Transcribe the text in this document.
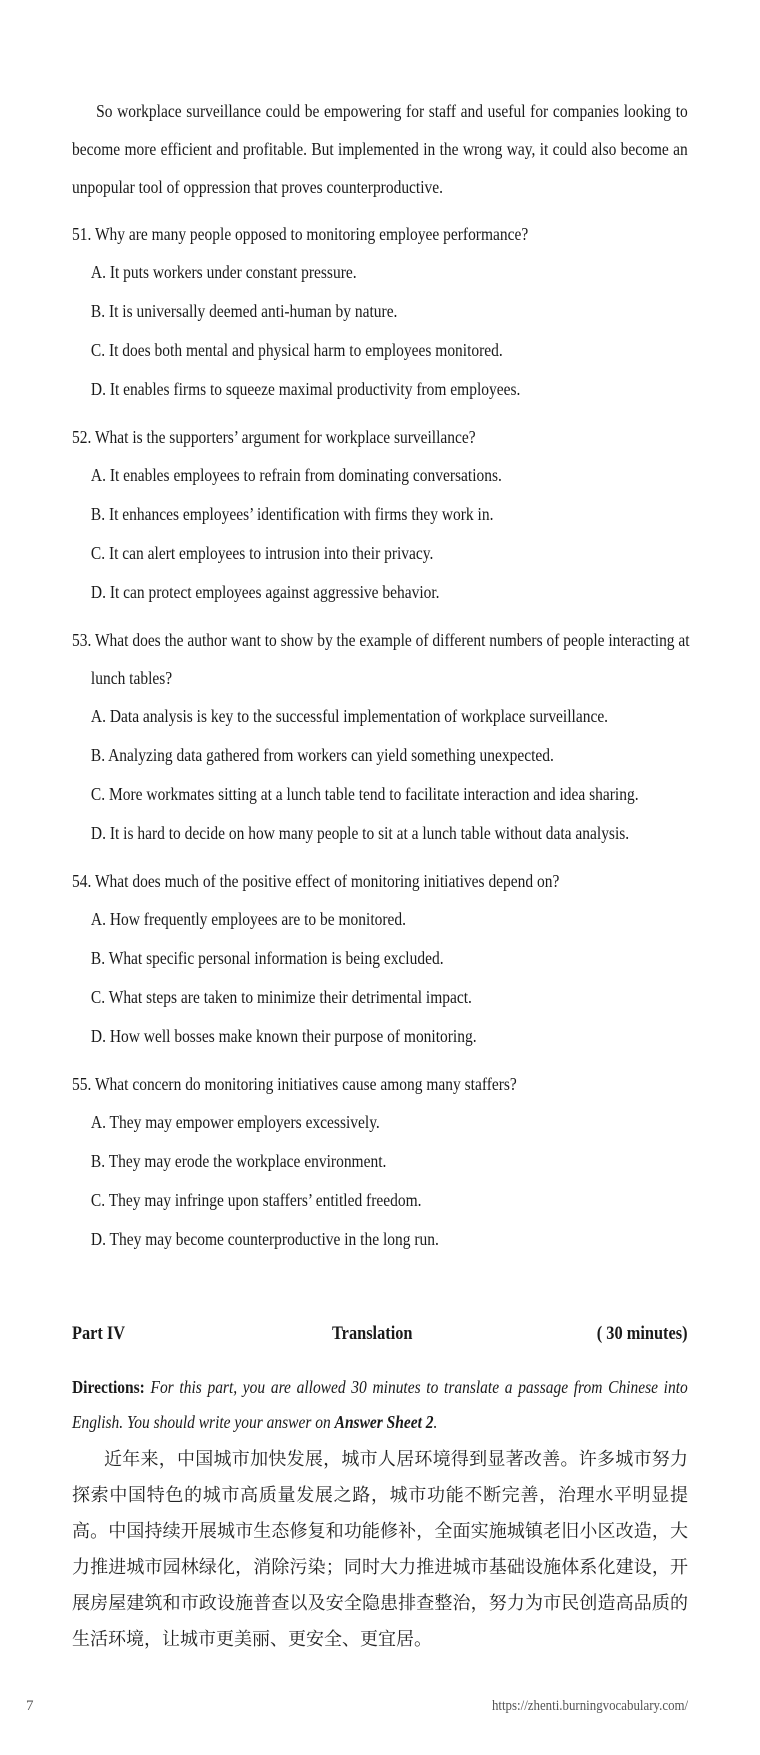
So workplace surveillance could be empowering for staff and useful for companies looking to become more efficient and profitable. But implemented in the wrong way, it could also become an unpopular tool of oppression that proves counterproductive.

51. Why are many people opposed to monitoring employee performance?

A. It puts workers under constant pressure.

B. It is universally deemed anti-human by nature.

C. It does both mental and physical harm to employees monitored.

D. It enables firms to squeeze maximal productivity from employees.

52. What is the supporters’ argument for workplace surveillance?

A. It enables employees to refrain from dominating conversations.

B. It enhances employees’ identification with firms they work in.

C. It can alert employees to intrusion into their privacy.

D. It can protect employees against aggressive behavior.

53. What does the author want to show by the example of different numbers of people interacting at lunch tables?

A. Data analysis is key to the successful implementation of workplace surveillance.

B. Analyzing data gathered from workers can yield something unexpected.

C. More workmates sitting at a lunch table tend to facilitate interaction and idea sharing.

D. It is hard to decide on how many people to sit at a lunch table without data analysis.

54. What does much of the positive effect of monitoring initiatives depend on?

A. How frequently employees are to be monitored.

B. What specific personal information is being excluded.

C. What steps are taken to minimize their detrimental impact.

D. How well bosses make known their purpose of monitoring.

55. What concern do monitoring initiatives cause among many staffers?

A. They may empower employers excessively.

B. They may erode the workplace environment.

C. They may infringe upon staffers’ entitled freedom.

D. They may become counterproductive in the long run.

Part IV	Translation	( 30 minutes)
Directions: For this part, you are allowed 30 minutes to translate a passage from Chinese into English. You should write your answer on Answer Sheet 2.

近年来，中国城市加快发展，城市人居环境得到显著改善。许多城市努力探索中国特色的城市高质量发展之路，城市功能不断完善，治理水平明显提高。中国持续开展城市生态修复和功能修补，全面实施城镇老旧小区改造，大力推进城市园林绿化，消除污染；同时大力推进城市基础设施体系化建设，开展房屋建筑和市政设施普查以及安全隐患排查整治，努力为市民创造高品质的生活环境，让城市更美丽、更安全、更宜居。

7	https://zhenti.burningvocabulary.com/
